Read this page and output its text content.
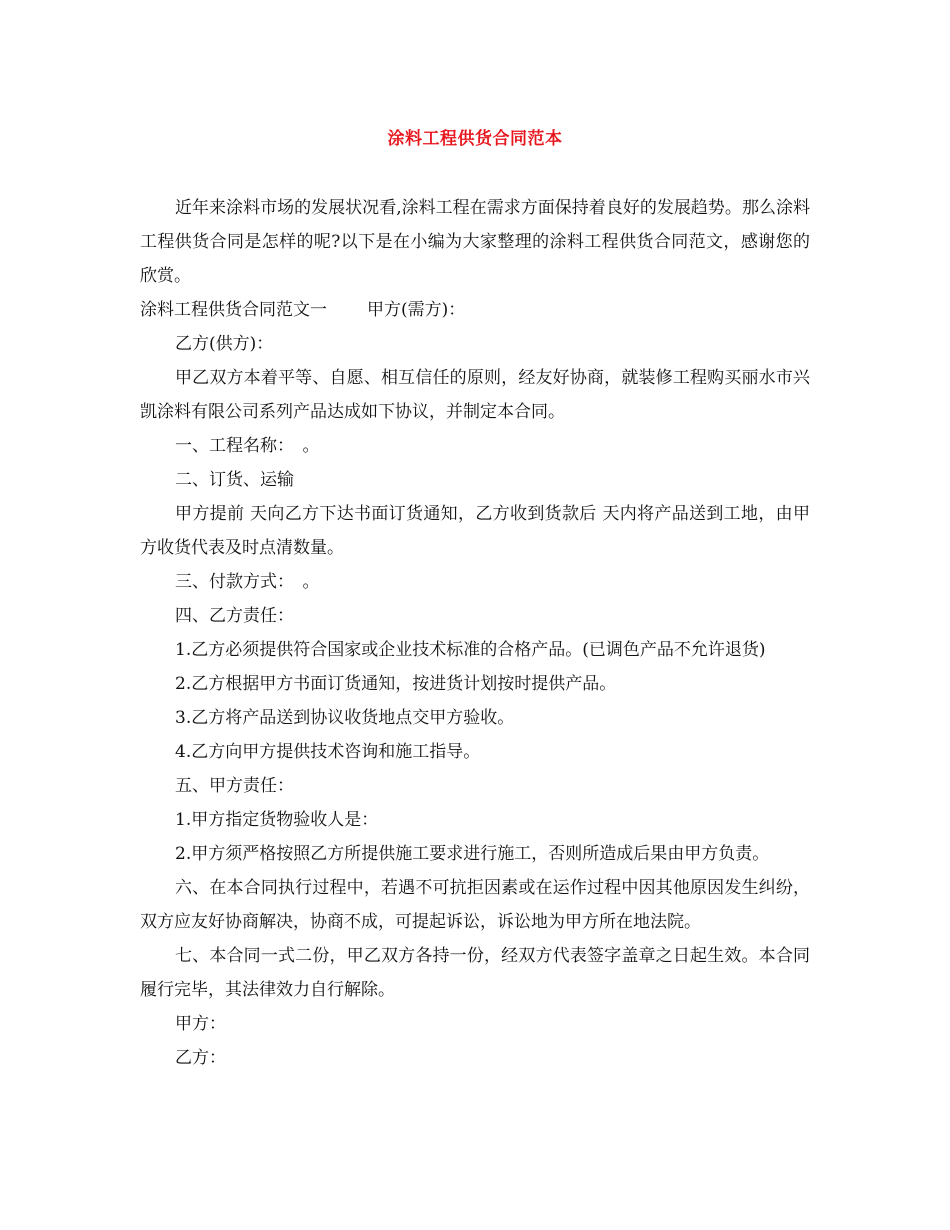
涂料工程供货合同范本

近年来涂料市场的发展状况看,涂料工程在需求方面保持着良好的发展趋势。那么涂料工程供货合同是怎样的呢?以下是在小编为大家整理的涂料工程供货合同范文，感谢您的欣赏。

涂料工程供货合同范文一 甲方(需方)：

乙方(供方)：

甲乙双方本着平等、自愿、相互信任的原则，经友好协商，就装修工程购买丽水市兴凯涂料有限公司系列产品达成如下协议，并制定本合同。

一、工程名称：　。

二、订货、运输

甲方提前 天向乙方下达书面订货通知，乙方收到货款后 天内将产品送到工地，由甲方收货代表及时点清数量。

三、付款方式：　。

四、乙方责任：

1.乙方必须提供符合国家或企业技术标准的合格产品。(已调色产品不允许退货)

2.乙方根据甲方书面订货通知，按进货计划按时提供产品。

3.乙方将产品送到协议收货地点交甲方验收。

4.乙方向甲方提供技术咨询和施工指导。

五、甲方责任：

1.甲方指定货物验收人是：

2.甲方须严格按照乙方所提供施工要求进行施工，否则所造成后果由甲方负责。

六、在本合同执行过程中，若遇不可抗拒因素或在运作过程中因其他原因发生纠纷，双方应友好协商解决，协商不成，可提起诉讼，诉讼地为甲方所在地法院。

七、本合同一式二份，甲乙双方各持一份，经双方代表签字盖章之日起生效。本合同履行完毕，其法律效力自行解除。

甲方：

乙方：
